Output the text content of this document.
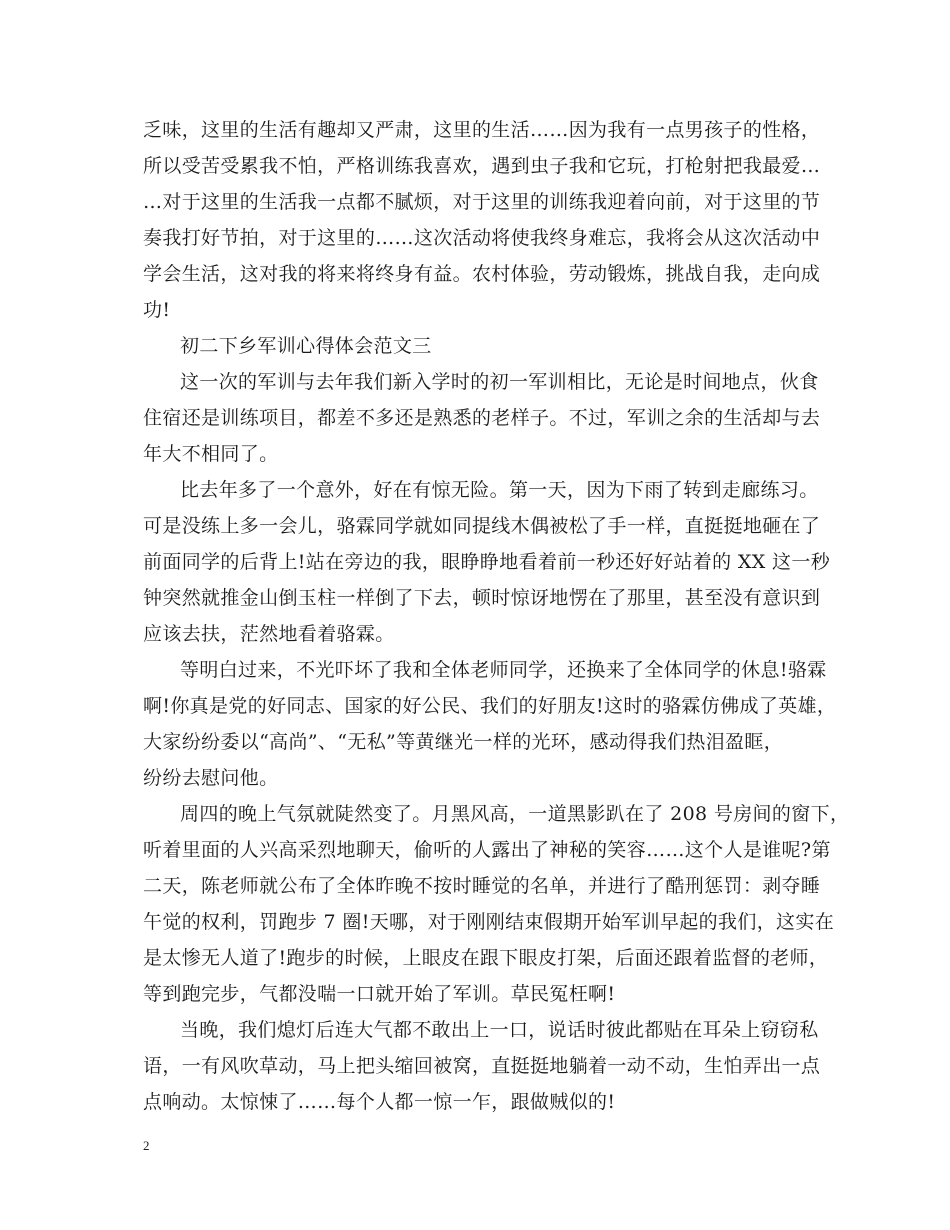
乏味，这里的生活有趣却又严肃，这里的生活……因为我有一点男孩子的性格，
所以受苦受累我不怕，严格训练我喜欢，遇到虫子我和它玩，打枪射把我最爱…
…对于这里的生活我一点都不腻烦，对于这里的训练我迎着向前，对于这里的节
奏我打好节拍，对于这里的……这次活动将使我终身难忘，我将会从这次活动中
学会生活，这对我的将来将终身有益。农村体验，劳动锻炼，挑战自我，走向成
功!
初二下乡军训心得体会范文三
这一次的军训与去年我们新入学时的初一军训相比，无论是时间地点，伙食
住宿还是训练项目，都差不多还是熟悉的老样子。不过，军训之余的生活却与去
年大不相同了。
比去年多了一个意外，好在有惊无险。第一天，因为下雨了转到走廊练习。
可是没练上多一会儿，骆霖同学就如同提线木偶被松了手一样，直挺挺地砸在了
前面同学的后背上!站在旁边的我，眼睁睁地看着前一秒还好好站着的 XX 这一秒
钟突然就推金山倒玉柱一样倒了下去，顿时惊讶地愣在了那里，甚至没有意识到
应该去扶，茫然地看着骆霖。
等明白过来，不光吓坏了我和全体老师同学，还换来了全体同学的休息!骆霖
啊!你真是党的好同志、国家的好公民、我们的好朋友!这时的骆霖仿佛成了英雄，
大家纷纷委以“高尚”、“无私”等黄继光一样的光环，感动得我们热泪盈眶，
纷纷去慰问他。
周四的晚上气氛就陡然变了。月黑风高，一道黑影趴在了 208 号房间的窗下，
听着里面的人兴高采烈地聊天，偷听的人露出了神秘的笑容……这个人是谁呢?第
二天，陈老师就公布了全体昨晚不按时睡觉的名单，并进行了酷刑惩罚：剥夺睡
午觉的权利，罚跑步 7 圈!天哪，对于刚刚结束假期开始军训早起的我们，这实在
是太惨无人道了!跑步的时候，上眼皮在跟下眼皮打架，后面还跟着监督的老师，
等到跑完步，气都没喘一口就开始了军训。草民冤枉啊!
当晚，我们熄灯后连大气都不敢出上一口，说话时彼此都贴在耳朵上窃窃私
语，一有风吹草动，马上把头缩回被窝，直挺挺地躺着一动不动，生怕弄出一点
点响动。太惊悚了……每个人都一惊一乍，跟做贼似的!
2
